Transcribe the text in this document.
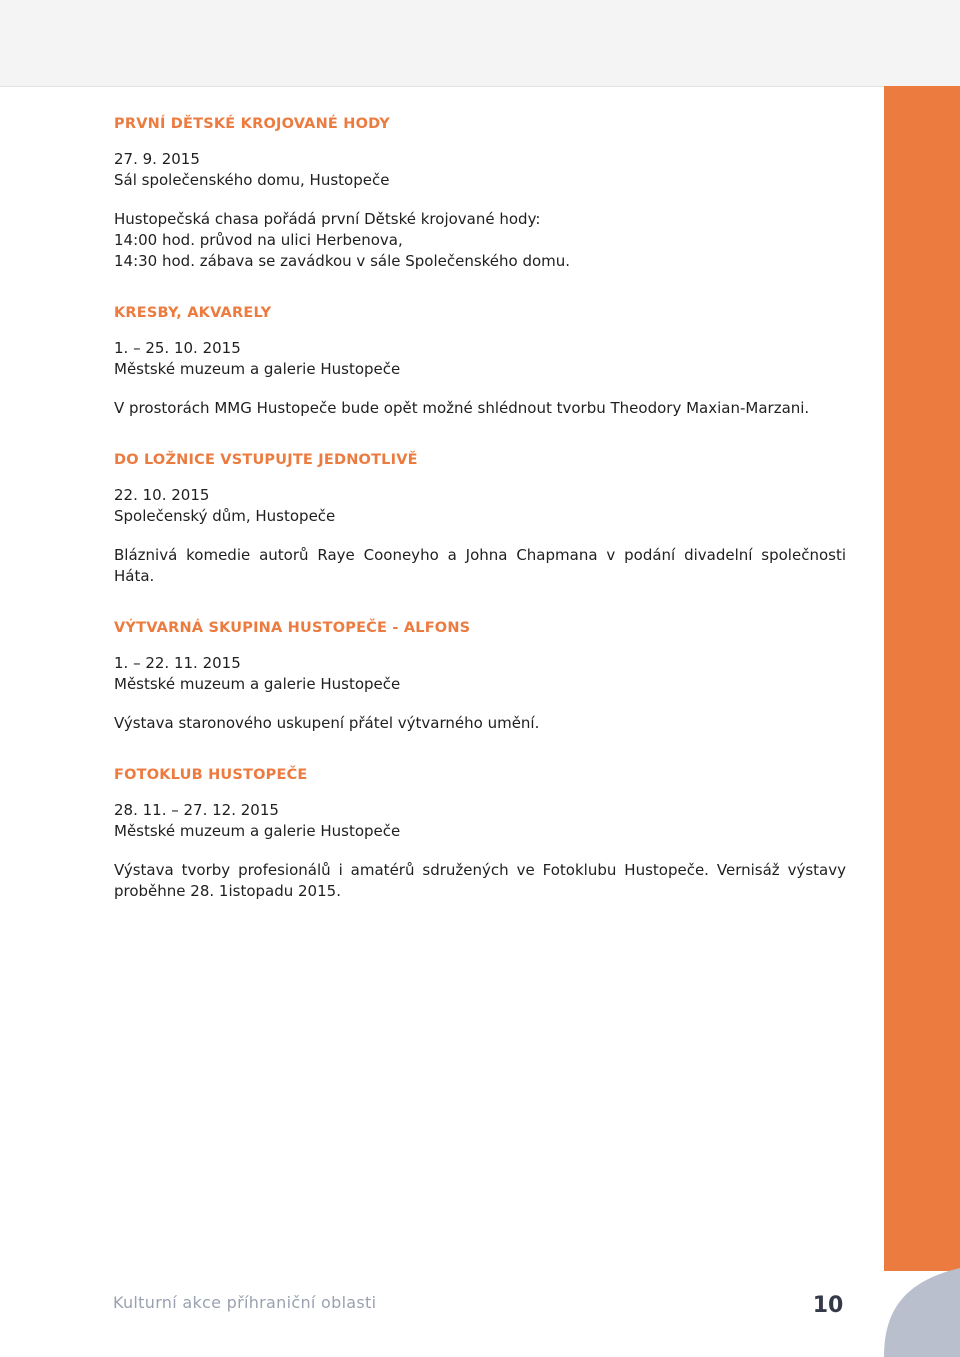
PRVNÍ DĚTSKÉ KROJOVANÉ HODY

27. 9. 2015

Sál společenského domu, Hustopeče

Hustopečská chasa pořádá první Dětské krojované hody:

14:00 hod. průvod na ulici Herbenova,

14:30 hod. zábava se zavádkou v sále Společenského domu.

KRESBY, AKVARELY

1. – 25. 10. 2015

Městské muzeum a galerie Hustopeče

V prostorách MMG Hustopeče bude opět možné shlédnout tvorbu Theodory Maxian-Marzani.

DO LOŽNICE VSTUPUJTE JEDNOTLIVĚ

22. 10. 2015

Společenský dům, Hustopeče

Bláznivá komedie autorů Raye Cooneyho a Johna Chapmana v podání divadelní společnosti Háta.

VÝTVARNÁ SKUPINA HUSTOPEČE - ALFONS

1. – 22. 11. 2015

Městské muzeum a galerie Hustopeče

Výstava staronového uskupení přátel výtvarného umění.

FOTOKLUB HUSTOPEČE

28. 11. – 27. 12. 2015

Městské muzeum a galerie Hustopeče

Výstava tvorby profesionálů i amatérů sdružených ve Fotoklubu Hustopeče. Vernisáž výstavy proběhne 28. 1istopadu 2015.

Kulturní akce příhraniční oblasti	10
